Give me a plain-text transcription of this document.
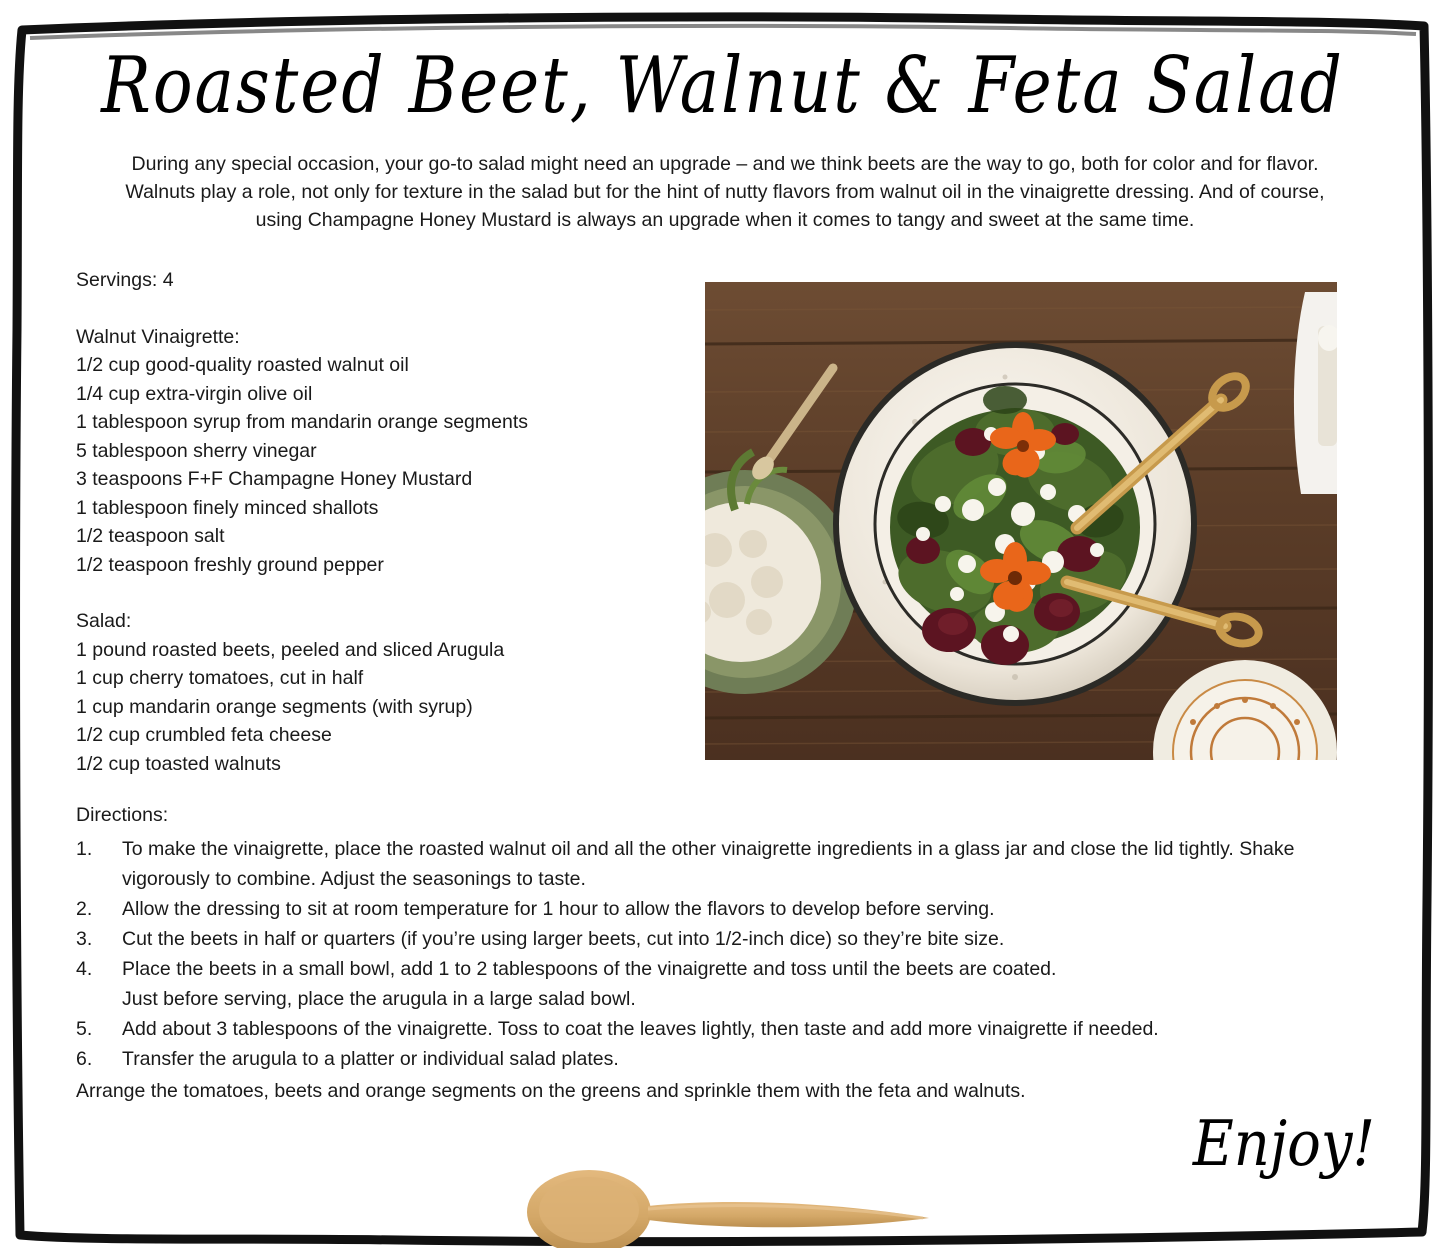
Roasted Beet, Walnut & Feta Salad
During any special occasion, your go-to salad might need an upgrade – and we think beets are the way to go, both for color and for flavor. Walnuts play a role, not only for texture in the salad but for the hint of nutty flavors from walnut oil in the vinaigrette dressing. And of course, using Champagne Honey Mustard is always an upgrade when it comes to tangy and sweet at the same time.

Servings: 4

Walnut Vinaigrette:

1/2 cup good-quality roasted walnut oil
1/4 cup extra-virgin olive oil
1 tablespoon syrup from mandarin orange segments
5 tablespoon sherry vinegar
3 teaspoons F+F Champagne Honey Mustard
1 tablespoon finely minced shallots
1/2 teaspoon salt
1/2 teaspoon freshly ground pepper

Salad:

1 pound roasted beets, peeled and sliced Arugula
1 cup cherry tomatoes, cut in half
1 cup mandarin orange segments (with syrup)
1/2 cup crumbled feta cheese
1/2 cup toasted walnuts

Directions:

1. To make the vinaigrette, place the roasted walnut oil and all the other vinaigrette ingredients in a glass jar and close the lid tightly. Shake vigorously to combine. Adjust the seasonings to taste.
2. Allow the dressing to sit at room temperature for 1 hour to allow the flavors to develop before serving.
3. Cut the beets in half or quarters (if you’re using larger beets, cut into 1/2-inch dice) so they’re bite size.
4. Place the beets in a small bowl, add 1 to 2 tablespoons of the vinaigrette and toss until the beets are coated.
Just before serving, place the arugula in a large salad bowl.
5. Add about 3 tablespoons of the vinaigrette. Toss to coat the leaves lightly, then taste and add more vinaigrette if needed.
6. Transfer the arugula to a platter or individual salad plates.
Arrange the tomatoes, beets and orange segments on the greens and sprinkle them with the feta and walnuts.
Enjoy!
